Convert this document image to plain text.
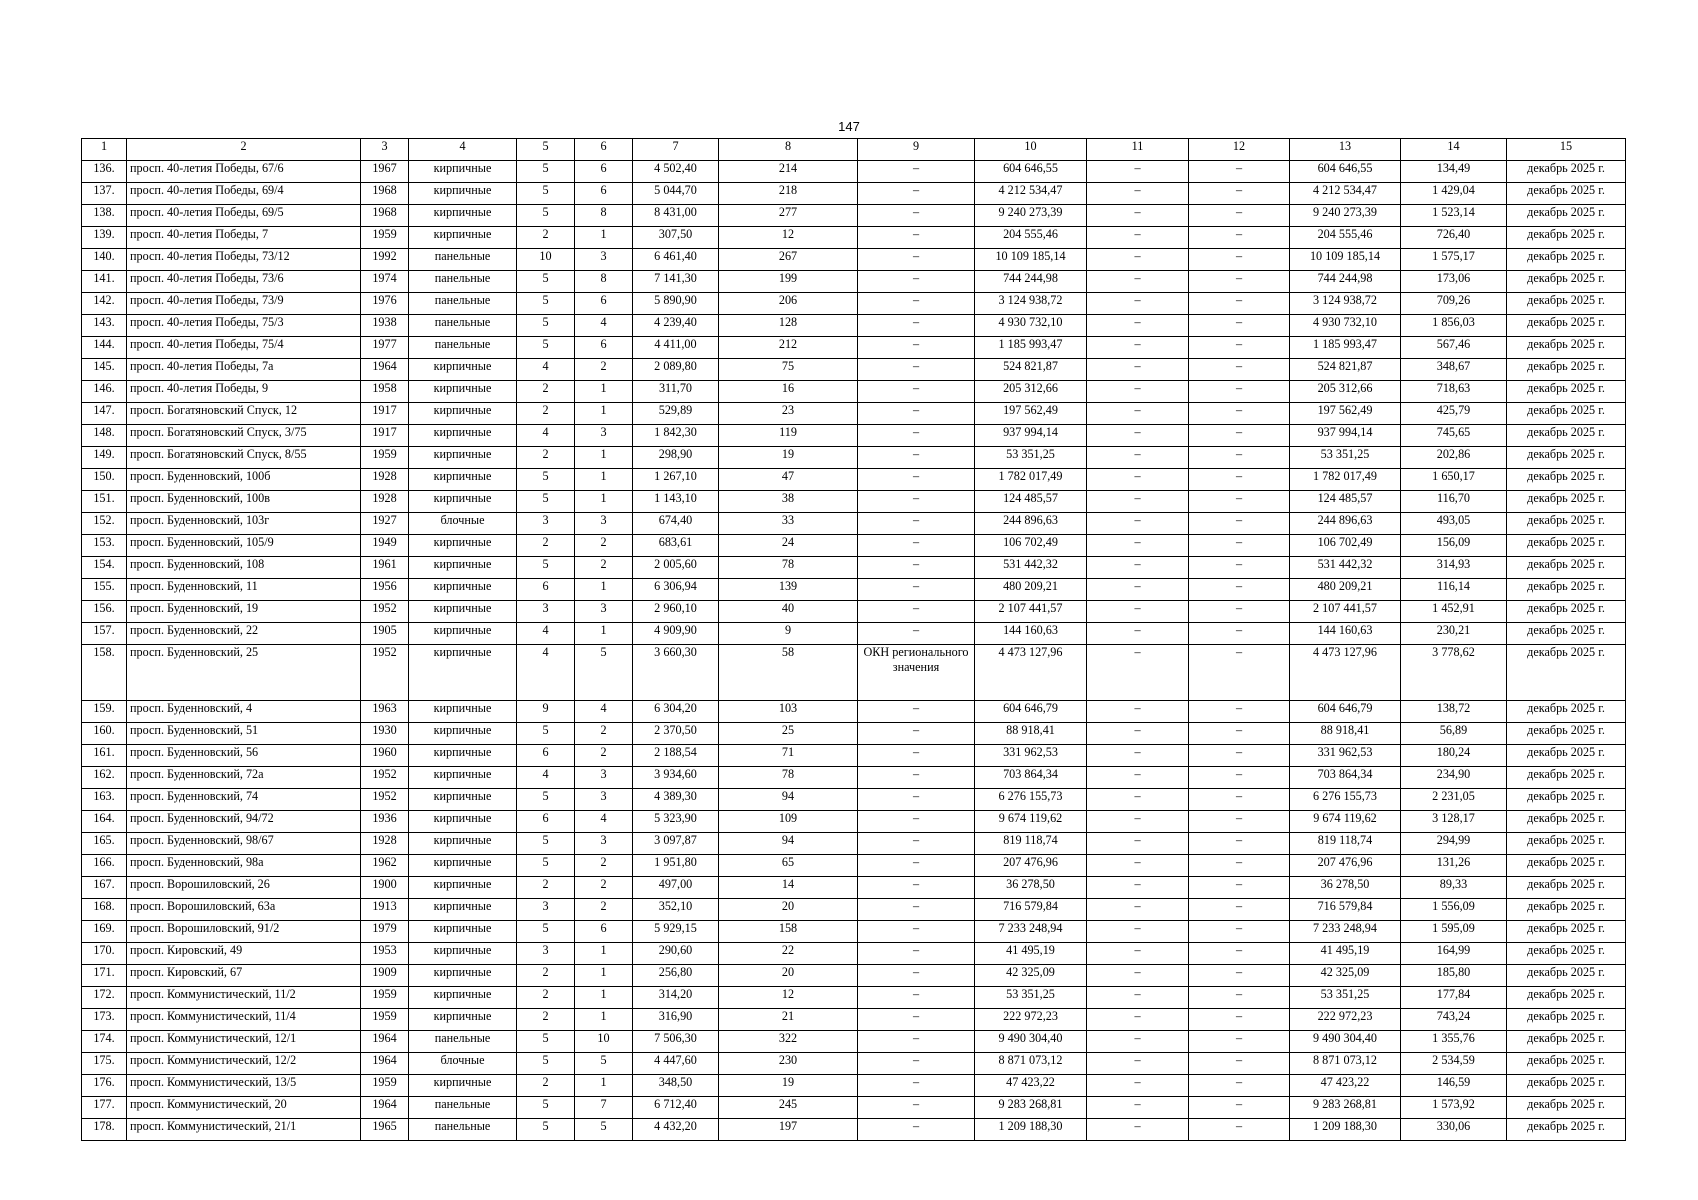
147
1	2	3	4	5	6	7	8	9	10	11	12	13	14	15
136.	просп. 40-летия Победы, 67/6	1967	кирпичные	5	6	4 502,40	214	–	604 646,55	–	–	604 646,55	134,49	декабрь 2025 г.
137.	просп. 40-летия Победы, 69/4	1968	кирпичные	5	6	5 044,70	218	–	4 212 534,47	–	–	4 212 534,47	1 429,04	декабрь 2025 г.
138.	просп. 40-летия Победы, 69/5	1968	кирпичные	5	8	8 431,00	277	–	9 240 273,39	–	–	9 240 273,39	1 523,14	декабрь 2025 г.
139.	просп. 40-летия Победы, 7	1959	кирпичные	2	1	307,50	12	–	204 555,46	–	–	204 555,46	726,40	декабрь 2025 г.
140.	просп. 40-летия Победы, 73/12	1992	панельные	10	3	6 461,40	267	–	10 109 185,14	–	–	10 109 185,14	1 575,17	декабрь 2025 г.
141.	просп. 40-летия Победы, 73/6	1974	панельные	5	8	7 141,30	199	–	744 244,98	–	–	744 244,98	173,06	декабрь 2025 г.
142.	просп. 40-летия Победы, 73/9	1976	панельные	5	6	5 890,90	206	–	3 124 938,72	–	–	3 124 938,72	709,26	декабрь 2025 г.
143.	просп. 40-летия Победы, 75/3	1938	панельные	5	4	4 239,40	128	–	4 930 732,10	–	–	4 930 732,10	1 856,03	декабрь 2025 г.
144.	просп. 40-летия Победы, 75/4	1977	панельные	5	6	4 411,00	212	–	1 185 993,47	–	–	1 185 993,47	567,46	декабрь 2025 г.
145.	просп. 40-летия Победы, 7а	1964	кирпичные	4	2	2 089,80	75	–	524 821,87	–	–	524 821,87	348,67	декабрь 2025 г.
146.	просп. 40-летия Победы, 9	1958	кирпичные	2	1	311,70	16	–	205 312,66	–	–	205 312,66	718,63	декабрь 2025 г.
147.	просп. Богатяновский Спуск, 12	1917	кирпичные	2	1	529,89	23	–	197 562,49	–	–	197 562,49	425,79	декабрь 2025 г.
148.	просп. Богатяновский Спуск, 3/75	1917	кирпичные	4	3	1 842,30	119	–	937 994,14	–	–	937 994,14	745,65	декабрь 2025 г.
149.	просп. Богатяновский Спуск, 8/55	1959	кирпичные	2	1	298,90	19	–	53 351,25	–	–	53 351,25	202,86	декабрь 2025 г.
150.	просп. Буденновский, 100б	1928	кирпичные	5	1	1 267,10	47	–	1 782 017,49	–	–	1 782 017,49	1 650,17	декабрь 2025 г.
151.	просп. Буденновский, 100в	1928	кирпичные	5	1	1 143,10	38	–	124 485,57	–	–	124 485,57	116,70	декабрь 2025 г.
152.	просп. Буденновский, 103г	1927	блочные	3	3	674,40	33	–	244 896,63	–	–	244 896,63	493,05	декабрь 2025 г.
153.	просп. Буденновский, 105/9	1949	кирпичные	2	2	683,61	24	–	106 702,49	–	–	106 702,49	156,09	декабрь 2025 г.
154.	просп. Буденновский, 108	1961	кирпичные	5	2	2 005,60	78	–	531 442,32	–	–	531 442,32	314,93	декабрь 2025 г.
155.	просп. Буденновский, 11	1956	кирпичные	6	1	6 306,94	139	–	480 209,21	–	–	480 209,21	116,14	декабрь 2025 г.
156.	просп. Буденновский, 19	1952	кирпичные	3	3	2 960,10	40	–	2 107 441,57	–	–	2 107 441,57	1 452,91	декабрь 2025 г.
157.	просп. Буденновский, 22	1905	кирпичные	4	1	4 909,90	9	–	144 160,63	–	–	144 160,63	230,21	декабрь 2025 г.
158.	просп. Буденновский, 25	1952	кирпичные	4	5	3 660,30	58	ОКН регионального значения	4 473 127,96	–	–	4 473 127,96	3 778,62	декабрь 2025 г.
159.	просп. Буденновский, 4	1963	кирпичные	9	4	6 304,20	103	–	604 646,79	–	–	604 646,79	138,72	декабрь 2025 г.
160.	просп. Буденновский, 51	1930	кирпичные	5	2	2 370,50	25	–	88 918,41	–	–	88 918,41	56,89	декабрь 2025 г.
161.	просп. Буденновский, 56	1960	кирпичные	6	2	2 188,54	71	–	331 962,53	–	–	331 962,53	180,24	декабрь 2025 г.
162.	просп. Буденновский, 72а	1952	кирпичные	4	3	3 934,60	78	–	703 864,34	–	–	703 864,34	234,90	декабрь 2025 г.
163.	просп. Буденновский, 74	1952	кирпичные	5	3	4 389,30	94	–	6 276 155,73	–	–	6 276 155,73	2 231,05	декабрь 2025 г.
164.	просп. Буденновский, 94/72	1936	кирпичные	6	4	5 323,90	109	–	9 674 119,62	–	–	9 674 119,62	3 128,17	декабрь 2025 г.
165.	просп. Буденновский, 98/67	1928	кирпичные	5	3	3 097,87	94	–	819 118,74	–	–	819 118,74	294,99	декабрь 2025 г.
166.	просп. Буденновский, 98а	1962	кирпичные	5	2	1 951,80	65	–	207 476,96	–	–	207 476,96	131,26	декабрь 2025 г.
167.	просп. Ворошиловский, 26	1900	кирпичные	2	2	497,00	14	–	36 278,50	–	–	36 278,50	89,33	декабрь 2025 г.
168.	просп. Ворошиловский, 63а	1913	кирпичные	3	2	352,10	20	–	716 579,84	–	–	716 579,84	1 556,09	декабрь 2025 г.
169.	просп. Ворошиловский, 91/2	1979	кирпичные	5	6	5 929,15	158	–	7 233 248,94	–	–	7 233 248,94	1 595,09	декабрь 2025 г.
170.	просп. Кировский, 49	1953	кирпичные	3	1	290,60	22	–	41 495,19	–	–	41 495,19	164,99	декабрь 2025 г.
171.	просп. Кировский, 67	1909	кирпичные	2	1	256,80	20	–	42 325,09	–	–	42 325,09	185,80	декабрь 2025 г.
172.	просп. Коммунистический, 11/2	1959	кирпичные	2	1	314,20	12	–	53 351,25	–	–	53 351,25	177,84	декабрь 2025 г.
173.	просп. Коммунистический, 11/4	1959	кирпичные	2	1	316,90	21	–	222 972,23	–	–	222 972,23	743,24	декабрь 2025 г.
174.	просп. Коммунистический, 12/1	1964	панельные	5	10	7 506,30	322	–	9 490 304,40	–	–	9 490 304,40	1 355,76	декабрь 2025 г.
175.	просп. Коммунистический, 12/2	1964	блочные	5	5	4 447,60	230	–	8 871 073,12	–	–	8 871 073,12	2 534,59	декабрь 2025 г.
176.	просп. Коммунистический, 13/5	1959	кирпичные	2	1	348,50	19	–	47 423,22	–	–	47 423,22	146,59	декабрь 2025 г.
177.	просп. Коммунистический, 20	1964	панельные	5	7	6 712,40	245	–	9 283 268,81	–	–	9 283 268,81	1 573,92	декабрь 2025 г.
178.	просп. Коммунистический, 21/1	1965	панельные	5	5	4 432,20	197	–	1 209 188,30	–	–	1 209 188,30	330,06	декабрь 2025 г.
